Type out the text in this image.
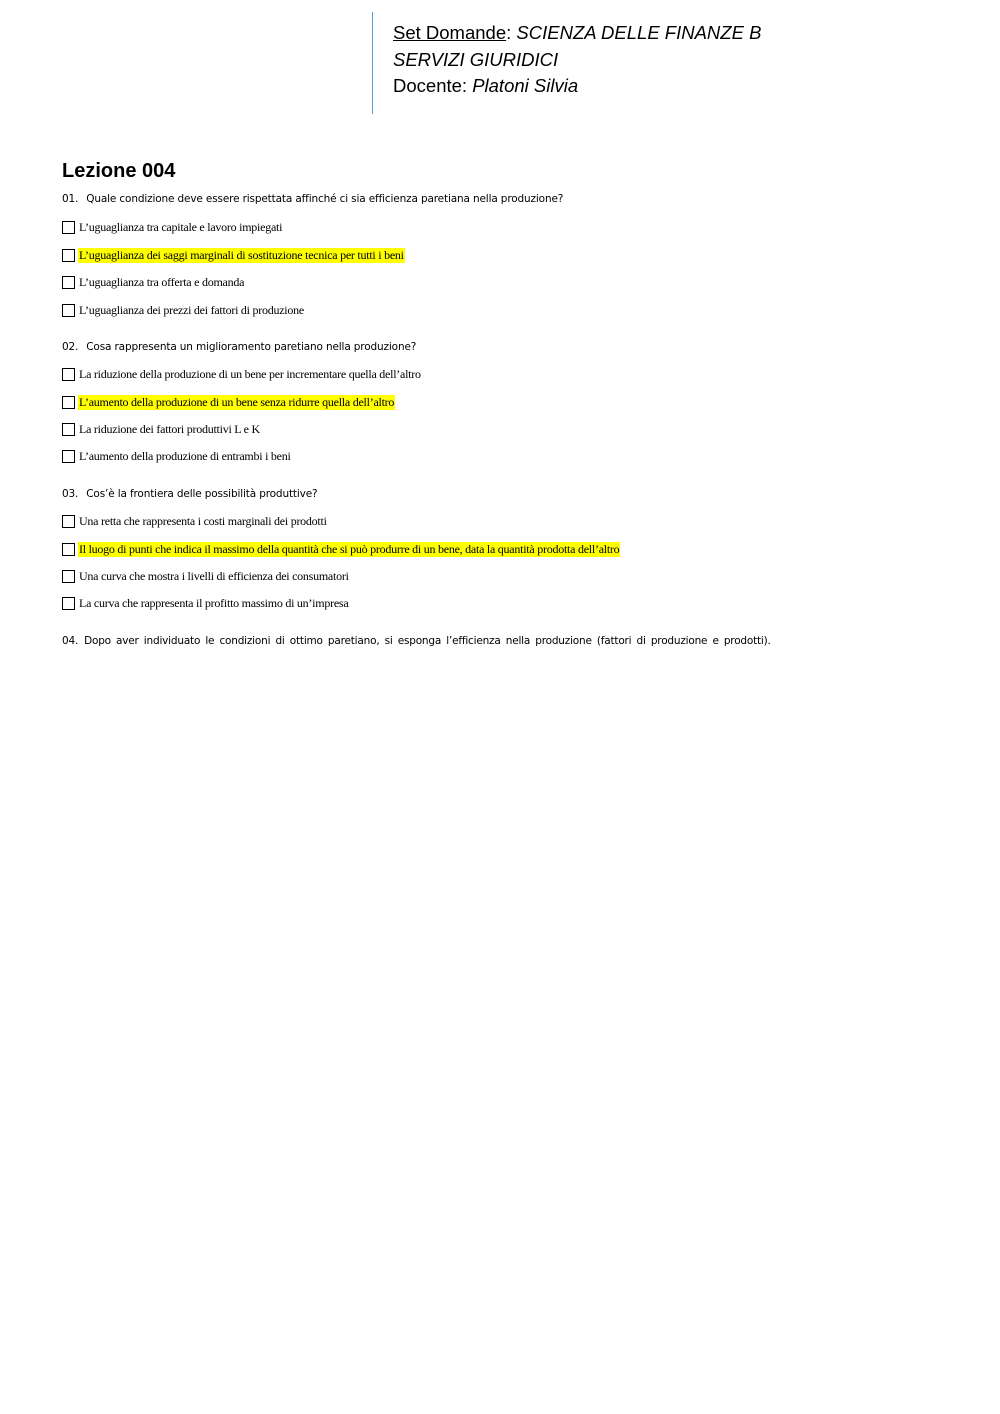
Set Domande: SCIENZA DELLE FINANZE B
SERVIZI GIURIDICI
Docente: Platoni Silvia
Lezione 004
01. Quale condizione deve essere rispettata affinché ci sia efficienza paretiana nella produzione?
L’uguaglianza tra capitale e lavoro impiegati
L’uguaglianza dei saggi marginali di sostituzione tecnica per tutti i beni
L’uguaglianza tra offerta e domanda
L’uguaglianza dei prezzi dei fattori di produzione
02. Cosa rappresenta un miglioramento paretiano nella produzione?
La riduzione della produzione di un bene per incrementare quella dell’altro
L’aumento della produzione di un bene senza ridurre quella dell’altro
La riduzione dei fattori produttivi L e K
L’aumento della produzione di entrambi i beni
03. Cos’è la frontiera delle possibilità produttive?
Una retta che rappresenta i costi marginali dei prodotti
Il luogo di punti che indica il massimo della quantità che si può produrre di un bene, data la quantità prodotta dell’altro
Una curva che mostra i livelli di efficienza dei consumatori
La curva che rappresenta il profitto massimo di un’impresa
04. Dopo aver individuato le condizioni di ottimo paretiano, si esponga l’efficienza nella produzione (fattori di produzione e prodotti).
